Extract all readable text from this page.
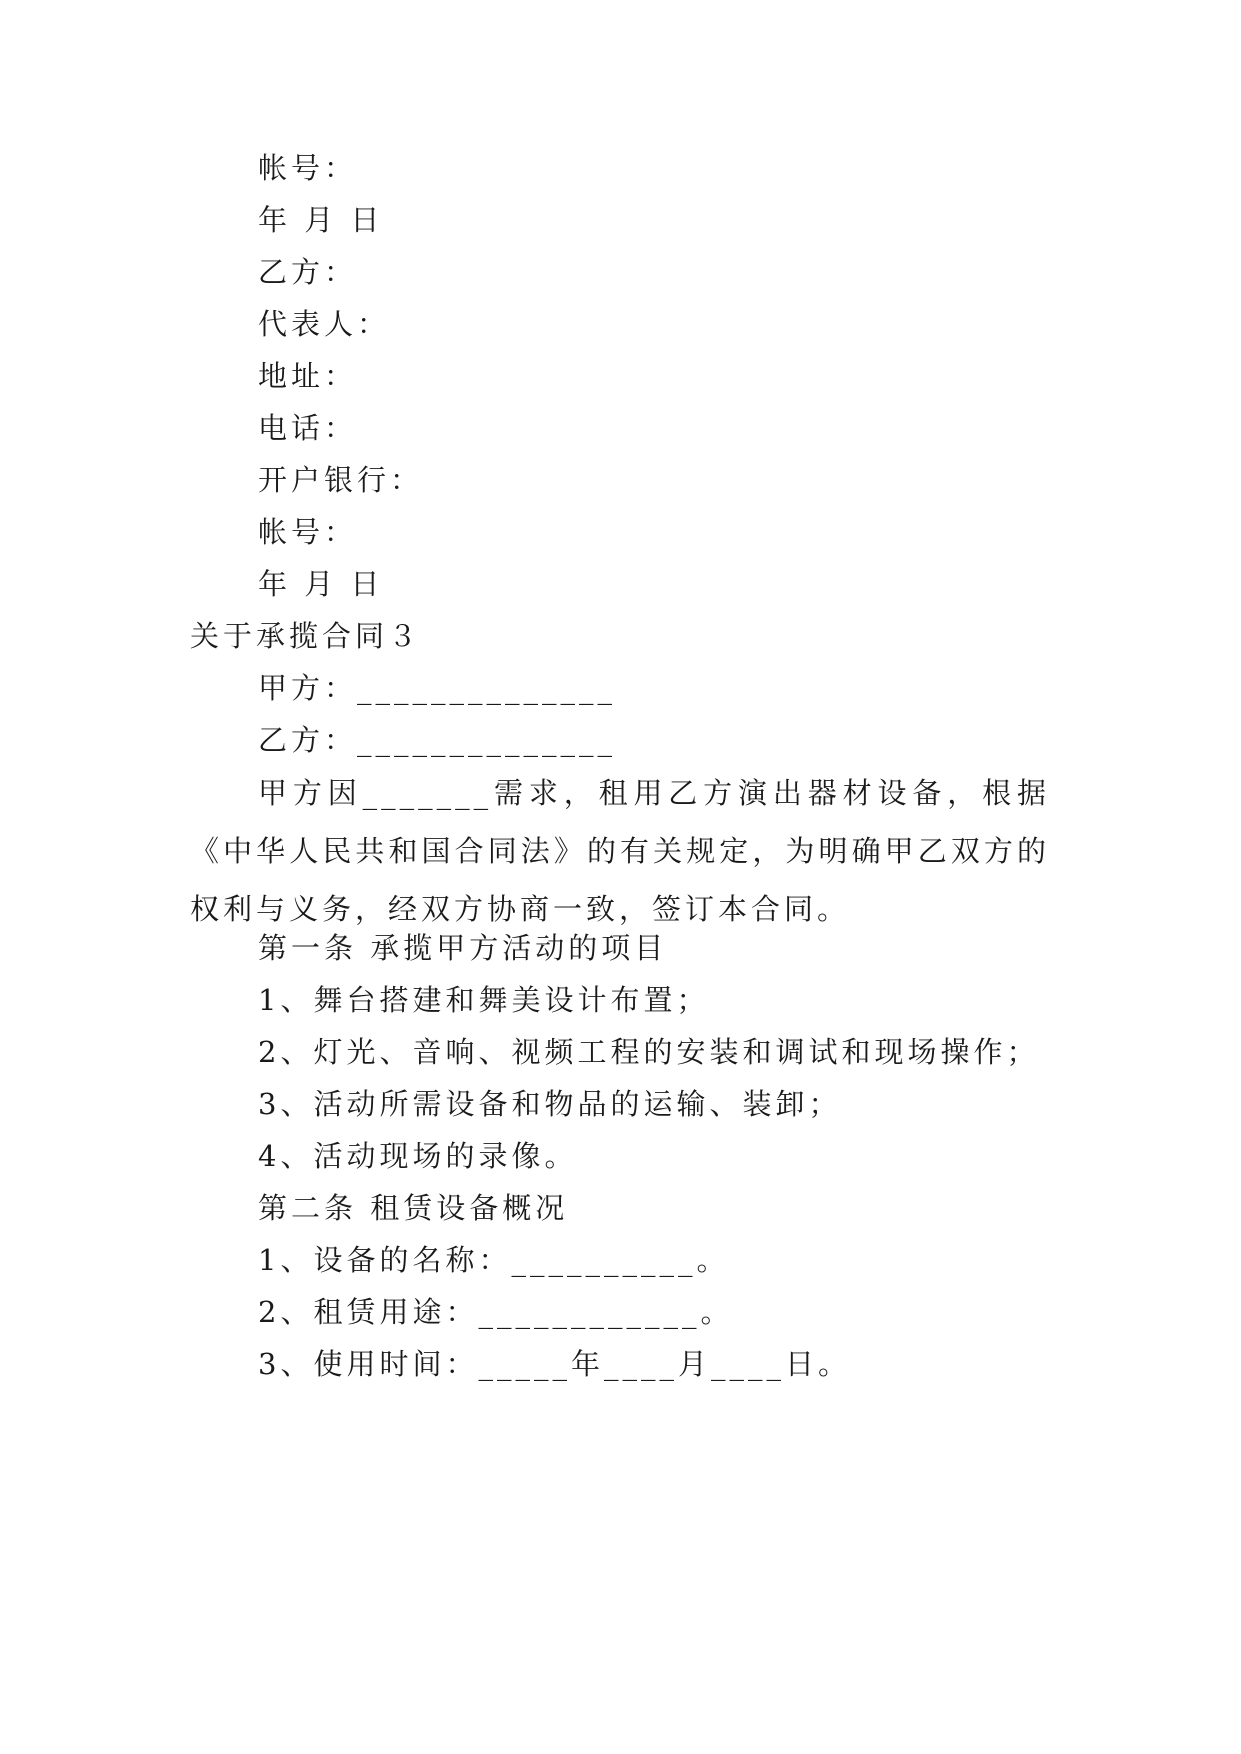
帐号：
年 月 日
乙方：
代表人：
地址：
电话：
开户银行：
帐号：
年 月 日
关于承揽合同３
甲方：______________
乙方：______________
甲方因_______需求，租用乙方演出器材设备，根据《中华人民共和国合同法》的有关规定，为明确甲乙双方的权利与义务，经双方协商一致，签订本合同。
第一条 承揽甲方活动的项目
1、舞台搭建和舞美设计布置；
2、灯光、音响、视频工程的安装和调试和现场操作；
3、活动所需设备和物品的运输、装卸；
4、活动现场的录像。
第二条 租赁设备概况
1、设备的名称：__________。
2、租赁用途：____________。
3、使用时间：_____年____月____日。
